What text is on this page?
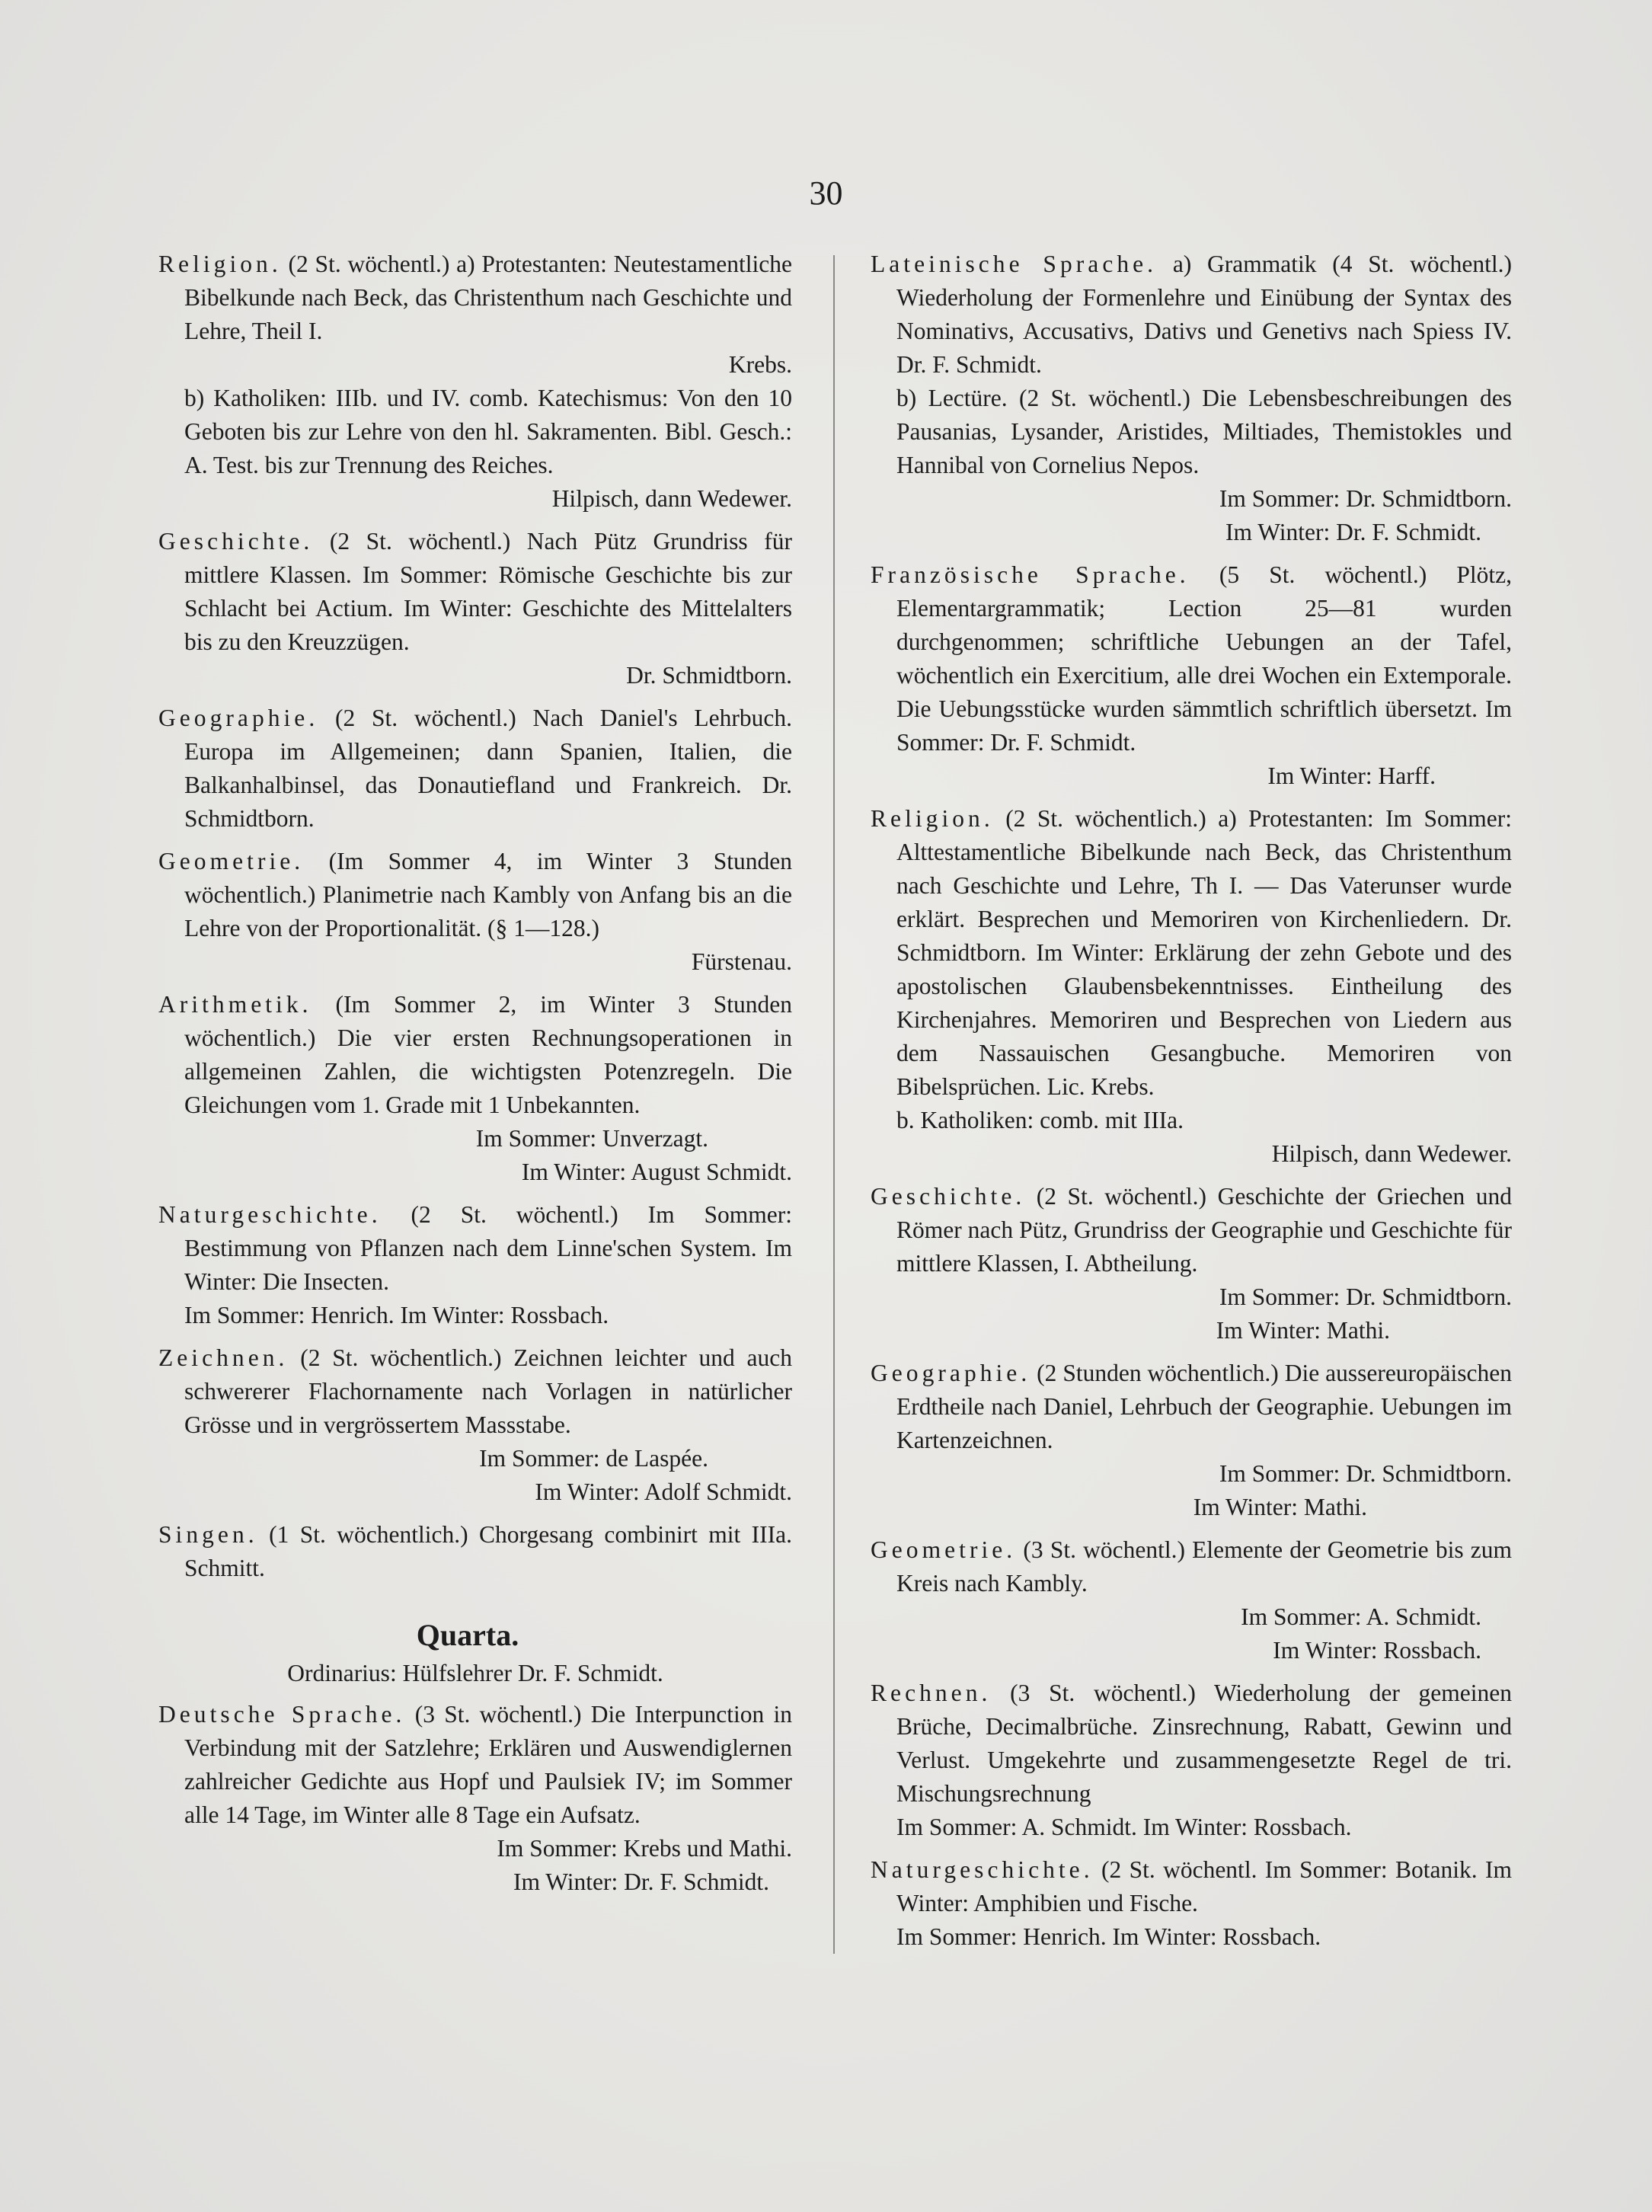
30

Religion. (2 St. wöchentl.) a) Protestanten: Neutestamentliche Bibelkunde nach Beck, das Christenthum nach Geschichte und Lehre, Theil I.

Krebs.
b) Katholiken: IIIb. und IV. comb. Katechismus: Von den 10 Geboten bis zur Lehre von den hl. Sakramenten. Bibl. Gesch.: A. Test. bis zur Trennung des Reiches.
Hilpisch, dann Wedewer.

Geschichte. (2 St. wöchentl.) Nach Pütz Grundriss für mittlere Klassen. Im Sommer: Römische Geschichte bis zur Schlacht bei Actium. Im Winter: Geschichte des Mittelalters bis zu den Kreuzzügen.

Dr. Schmidtborn.

Geographie. (2 St. wöchentl.) Nach Daniel's Lehrbuch. Europa im Allgemeinen; dann Spanien, Italien, die Balkanhalbinsel, das Donautiefland und Frankreich. Dr. Schmidtborn.

Geometrie. (Im Sommer 4, im Winter 3 Stunden wöchentlich.) Planimetrie nach Kambly von Anfang bis an die Lehre von der Proportionalität. (§ 1—128.)

Fürstenau.

Arithmetik. (Im Sommer 2, im Winter 3 Stunden wöchentlich.) Die vier ersten Rechnungsoperationen in allgemeinen Zahlen, die wichtigsten Potenzregeln. Die Gleichungen vom 1. Grade mit 1 Unbekannten.

Im Sommer: Unverzagt.
Im Winter: August Schmidt.

Naturgeschichte. (2 St. wöchentl.) Im Sommer: Bestimmung von Pflanzen nach dem Linne'schen System. Im Winter: Die Insecten.

Im Sommer: Henrich. Im Winter: Rossbach.

Zeichnen. (2 St. wöchentlich.) Zeichnen leichter und auch schwererer Flachornamente nach Vorlagen in natürlicher Grösse und in vergrössertem Massstabe.

Im Sommer: de Laspée.
Im Winter: Adolf Schmidt.

Singen. (1 St. wöchentlich.) Chorgesang combinirt mit IIIa. Schmitt.

Quarta.
Ordinarius: Hülfslehrer Dr. F. Schmidt.

Deutsche Sprache. (3 St. wöchentl.) Die Interpunction in Verbindung mit der Satzlehre; Erklären und Auswendiglernen zahlreicher Gedichte aus Hopf und Paulsiek IV; im Sommer alle 14 Tage, im Winter alle 8 Tage ein Aufsatz.

Im Sommer: Krebs und Mathi.
Im Winter: Dr. F. Schmidt.

Lateinische Sprache. a) Grammatik (4 St. wöchentl.) Wiederholung der Formenlehre und Einübung der Syntax des Nominativs, Accusativs, Dativs und Genetivs nach Spiess IV. Dr. F. Schmidt.

b) Lectüre. (2 St. wöchentl.) Die Lebensbeschreibungen des Pausanias, Lysander, Aristides, Miltiades, Themistokles und Hannibal von Cornelius Nepos.
Im Sommer: Dr. Schmidtborn.
Im Winter: Dr. F. Schmidt.

Französische Sprache. (5 St. wöchentl.) Plötz, Elementargrammatik; Lection 25—81 wurden durchgenommen; schriftliche Uebungen an der Tafel, wöchentlich ein Exercitium, alle drei Wochen ein Extemporale. Die Uebungsstücke wurden sämmtlich schriftlich übersetzt. Im Sommer: Dr. F. Schmidt.

Im Winter: Harff.

Religion. (2 St. wöchentlich.) a) Protestanten: Im Sommer: Alttestamentliche Bibelkunde nach Beck, das Christenthum nach Geschichte und Lehre, Th I. — Das Vaterunser wurde erklärt. Besprechen und Memoriren von Kirchenliedern. Dr. Schmidtborn. Im Winter: Erklärung der zehn Gebote und des apostolischen Glaubensbekenntnisses. Eintheilung des Kirchenjahres. Memoriren und Besprechen von Liedern aus dem Nassauischen Gesangbuche. Memoriren von Bibelsprüchen. Lic. Krebs.

b. Katholiken: comb. mit IIIa.
Hilpisch, dann Wedewer.

Geschichte. (2 St. wöchentl.) Geschichte der Griechen und Römer nach Pütz, Grundriss der Geographie und Geschichte für mittlere Klassen, I. Abtheilung.

Im Sommer: Dr. Schmidtborn.
Im Winter: Mathi.

Geographie. (2 Stunden wöchentlich.) Die aussereuropäischen Erdtheile nach Daniel, Lehrbuch der Geographie. Uebungen im Kartenzeichnen.

Im Sommer: Dr. Schmidtborn.
Im Winter: Mathi.

Geometrie. (3 St. wöchentl.) Elemente der Geometrie bis zum Kreis nach Kambly.

Im Sommer: A. Schmidt.
Im Winter: Rossbach.

Rechnen. (3 St. wöchentl.) Wiederholung der gemeinen Brüche, Decimalbrüche. Zinsrechnung, Rabatt, Gewinn und Verlust. Umgekehrte und zusammengesetzte Regel de tri. Mischungsrechnung

Im Sommer: A. Schmidt. Im Winter: Rossbach.

Naturgeschichte. (2 St. wöchentl. Im Sommer: Botanik. Im Winter: Amphibien und Fische.

Im Sommer: Henrich. Im Winter: Rossbach.
